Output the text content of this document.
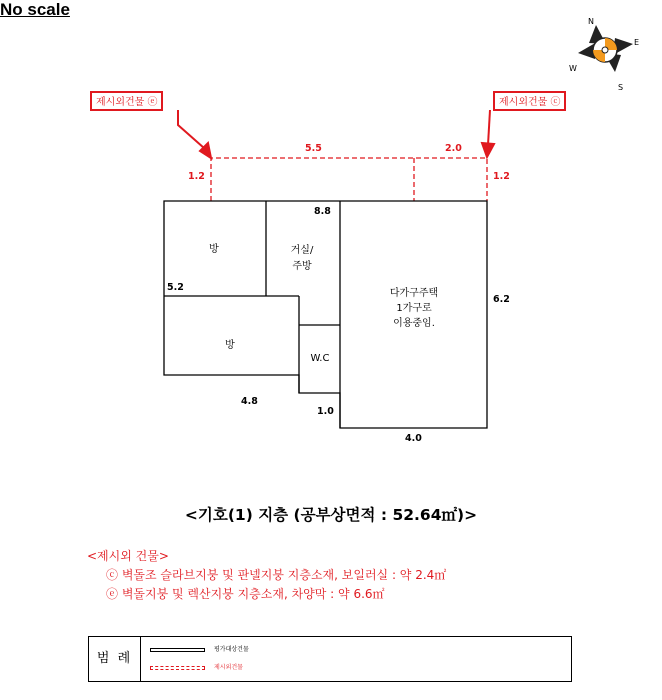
No scale
N
E
S
W
5.5	2.0
1.2	1.2
8.8
5.2
6.2
4.8
1.0
4.0
방	거실/
주방
방
W.C
다가구주택
1가구로
이용중임.
제시외건물 ⓔ	제시외건물 ⓒ
<기호(1) 지층 (공부상면적 : 52.64㎡)>
<제시외 건물>
ⓒ 벽돌조 슬라브지붕 및 판넬지붕 지층소재, 보일러실 : 약 2.4㎡
ⓔ 벽돌지붕 및 렉산지붕 지층소재, 차양막 : 약 6.6㎡
범 례
평가대상건물
제시외건물
